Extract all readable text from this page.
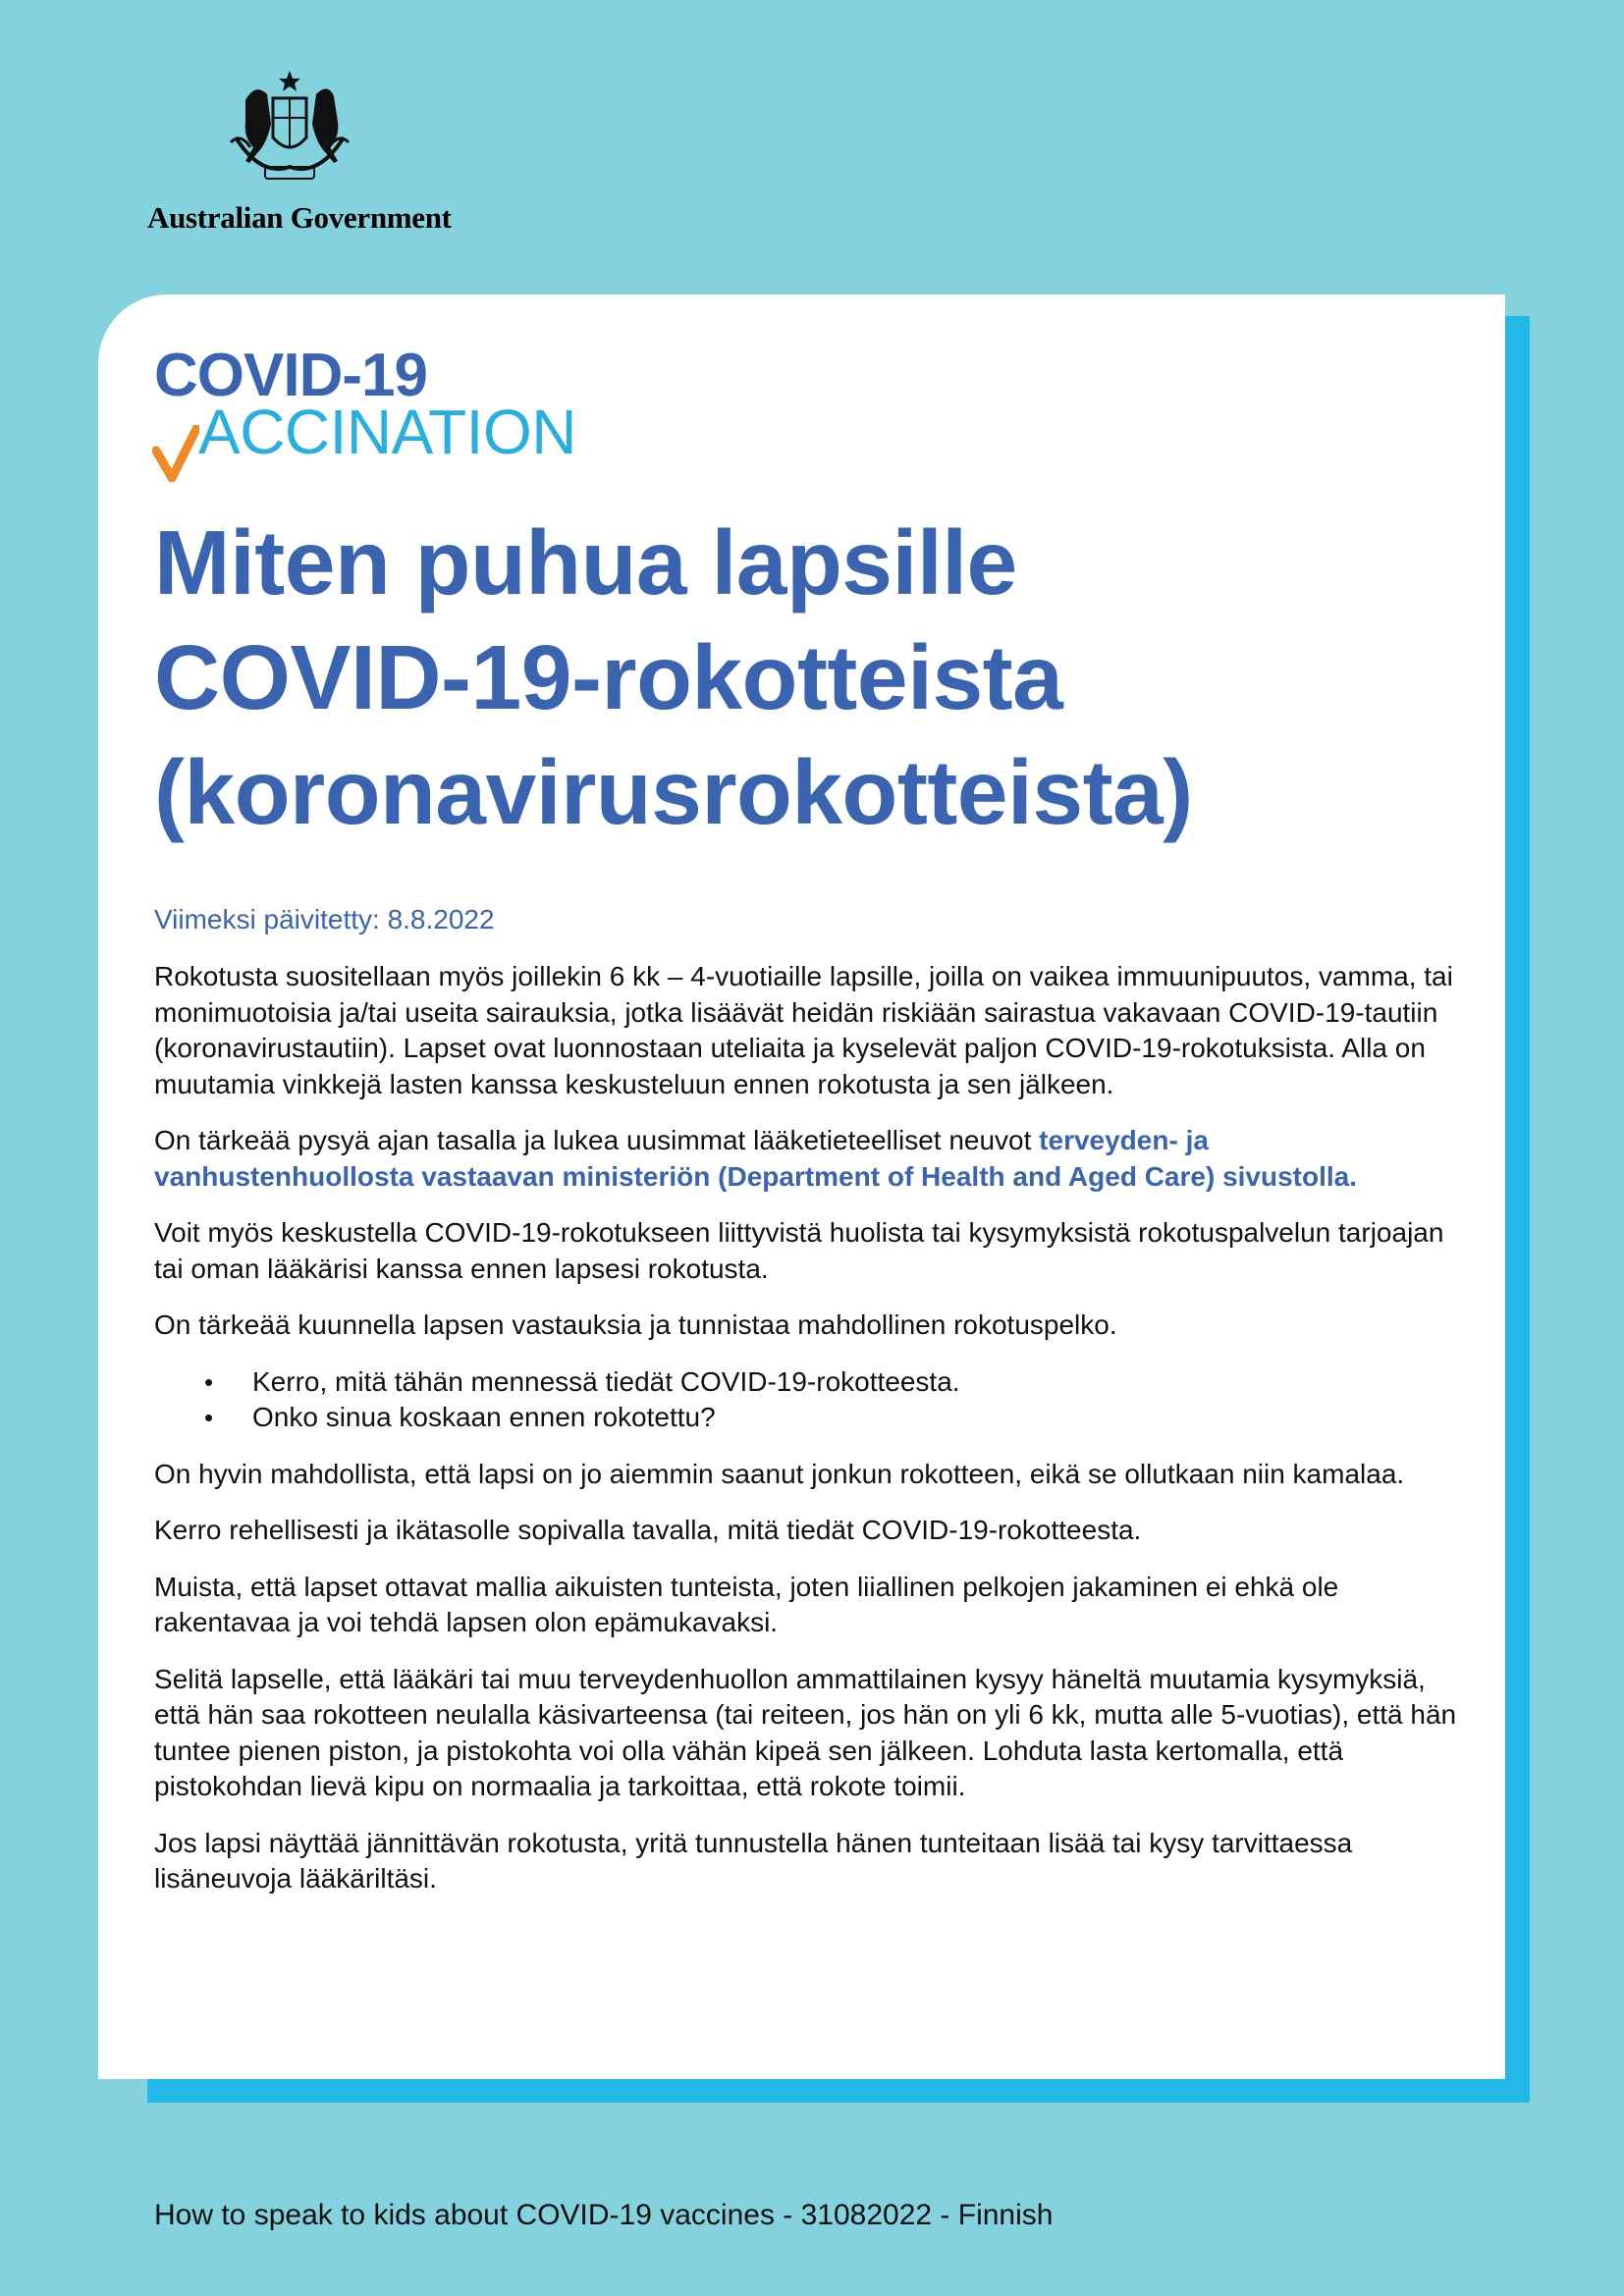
Australian Government
COVID-19
ACCINATION
Miten puhua lapsille
COVID-19-rokotteista
(koronavirusrokotteista)

Viimeksi päivitetty: 8.8.2022

Rokotusta suositellaan myös joillekin 6 kk – 4-vuotiaille lapsille, joilla on vaikea immuunipuutos, vamma, tai monimuotoisia ja/tai useita sairauksia, jotka lisäävät heidän riskiään sairastua vakavaan COVID-19-tautiin (koronavirustautiin). Lapset ovat luonnostaan uteliaita ja kyselevät paljon COVID-19-rokotuksista. Alla on muutamia vinkkejä lasten kanssa keskusteluun ennen rokotusta ja sen jälkeen.

On tärkeää pysyä ajan tasalla ja lukea uusimmat lääketieteelliset neuvot terveyden- ja vanhustenhuollosta vastaavan ministeriön (Department of Health and Aged Care) sivustolla.

Voit myös keskustella COVID-19-rokotukseen liittyvistä huolista tai kysymyksistä rokotuspalvelun tarjoajan tai oman lääkärisi kanssa ennen lapsesi rokotusta.

On tärkeää kuunnella lapsen vastauksia ja tunnistaa mahdollinen rokotuspelko.

• Kerro, mitä tähän mennessä tiedät COVID-19-rokotteesta.
• Onko sinua koskaan ennen rokotettu?

On hyvin mahdollista, että lapsi on jo aiemmin saanut jonkun rokotteen, eikä se ollutkaan niin kamalaa.

Kerro rehellisesti ja ikätasolle sopivalla tavalla, mitä tiedät COVID-19-rokotteesta.

Muista, että lapset ottavat mallia aikuisten tunteista, joten liiallinen pelkojen jakaminen ei ehkä ole rakentavaa ja voi tehdä lapsen olon epämukavaksi.

Selitä lapselle, että lääkäri tai muu terveydenhuollon ammattilainen kysyy häneltä muutamia kysymyksiä, että hän saa rokotteen neulalla käsivarteensa (tai reiteen, jos hän on yli 6 kk, mutta alle 5-vuotias), että hän tuntee pienen piston, ja pistokohta voi olla vähän kipeä sen jälkeen. Lohduta lasta kertomalla, että pistokohdan lievä kipu on normaalia ja tarkoittaa, että rokote toimii.

Jos lapsi näyttää jännittävän rokotusta, yritä tunnustella hänen tunteitaan lisää tai kysy tarvittaessa lisäneuvoja lääkäriltäsi.

How to speak to kids about COVID-19 vaccines - 31082022 - Finnish
